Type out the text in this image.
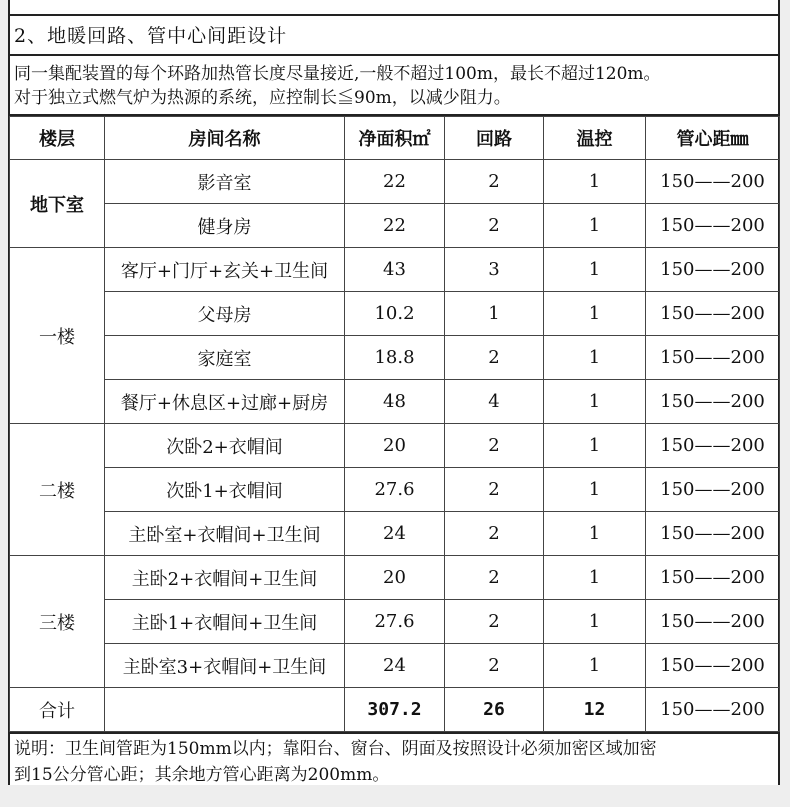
2、地暖回路、管中心间距设计
同一集配装置的每个环路加热管长度尽量接近,一般不超过100m，最长不超过120m。
对于独立式燃气炉为热源的系统，应控制长≦90m，以减少阻力。
楼层	房间名称	净面积㎡	回路	温控	管心距㎜
地下室	影音室	22	2	1	150——200
	健身房	22	2	1	150——200
一楼	客厅+门厅+玄关+卫生间	43	3	1	150——200
	父母房	10.2	1	1	150——200
	家庭室	18.8	2	1	150——200
	餐厅+休息区+过廊+厨房	48	4	1	150——200
二楼	次卧2+衣帽间	20	2	1	150——200
	次卧1+衣帽间	27.6	2	1	150——200
	主卧室+衣帽间+卫生间	24	2	1	150——200
三楼	主卧2+衣帽间+卫生间	20	2	1	150——200
	主卧1+衣帽间+卫生间	27.6	2	1	150——200
	主卧室3+衣帽间+卫生间	24	2	1	150——200
合计		307.2	26	12	150——200
说明：卫生间管距为150mm以内；靠阳台、窗台、阴面及按照设计必须加密区域加密
到15公分管心距；其余地方管心距离为200mm。
